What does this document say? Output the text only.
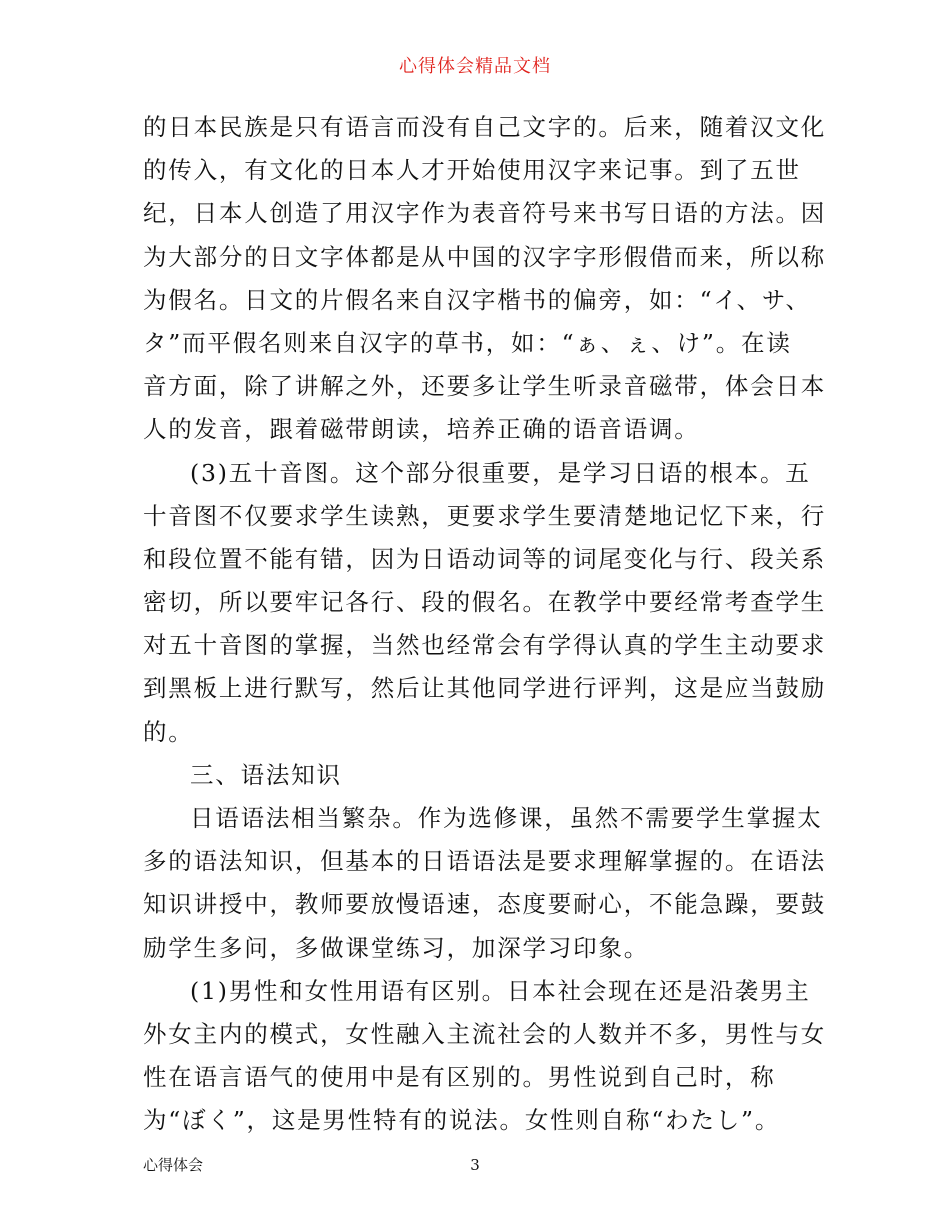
心得体会精品文档
的日本民族是只有语言而没有自己文字的。后来，随着汉文化
的传入，有文化的日本人才开始使用汉字来记事。到了五世
纪，日本人创造了用汉字作为表音符号来书写日语的方法。因
为大部分的日文字体都是从中国的汉字字形假借而来，所以称
为假名。日文的片假名来自汉字楷书的偏旁，如：“イ、サ、
タ”而平假名则来自汉字的草书，如：“ぁ、ぇ、け”。在读
音方面，除了讲解之外，还要多让学生听录音磁带，体会日本
人的发音，跟着磁带朗读，培养正确的语音语调。
(3)五十音图。这个部分很重要，是学习日语的根本。五
十音图不仅要求学生读熟，更要求学生要清楚地记忆下来，行
和段位置不能有错，因为日语动词等的词尾变化与行、段关系
密切，所以要牢记各行、段的假名。在教学中要经常考查学生
对五十音图的掌握，当然也经常会有学得认真的学生主动要求
到黑板上进行默写，然后让其他同学进行评判，这是应当鼓励
的。
三、语法知识
日语语法相当繁杂。作为选修课，虽然不需要学生掌握太
多的语法知识，但基本的日语语法是要求理解掌握的。在语法
知识讲授中，教师要放慢语速，态度要耐心，不能急躁，要鼓
励学生多问，多做课堂练习，加深学习印象。
(1)男性和女性用语有区别。日本社会现在还是沿袭男主
外女主内的模式，女性融入主流社会的人数并不多，男性与女
性在语言语气的使用中是有区别的。男性说到自己时，称
为“ぼく”，这是男性特有的说法。女性则自称“わたし”。
心得体会	3
